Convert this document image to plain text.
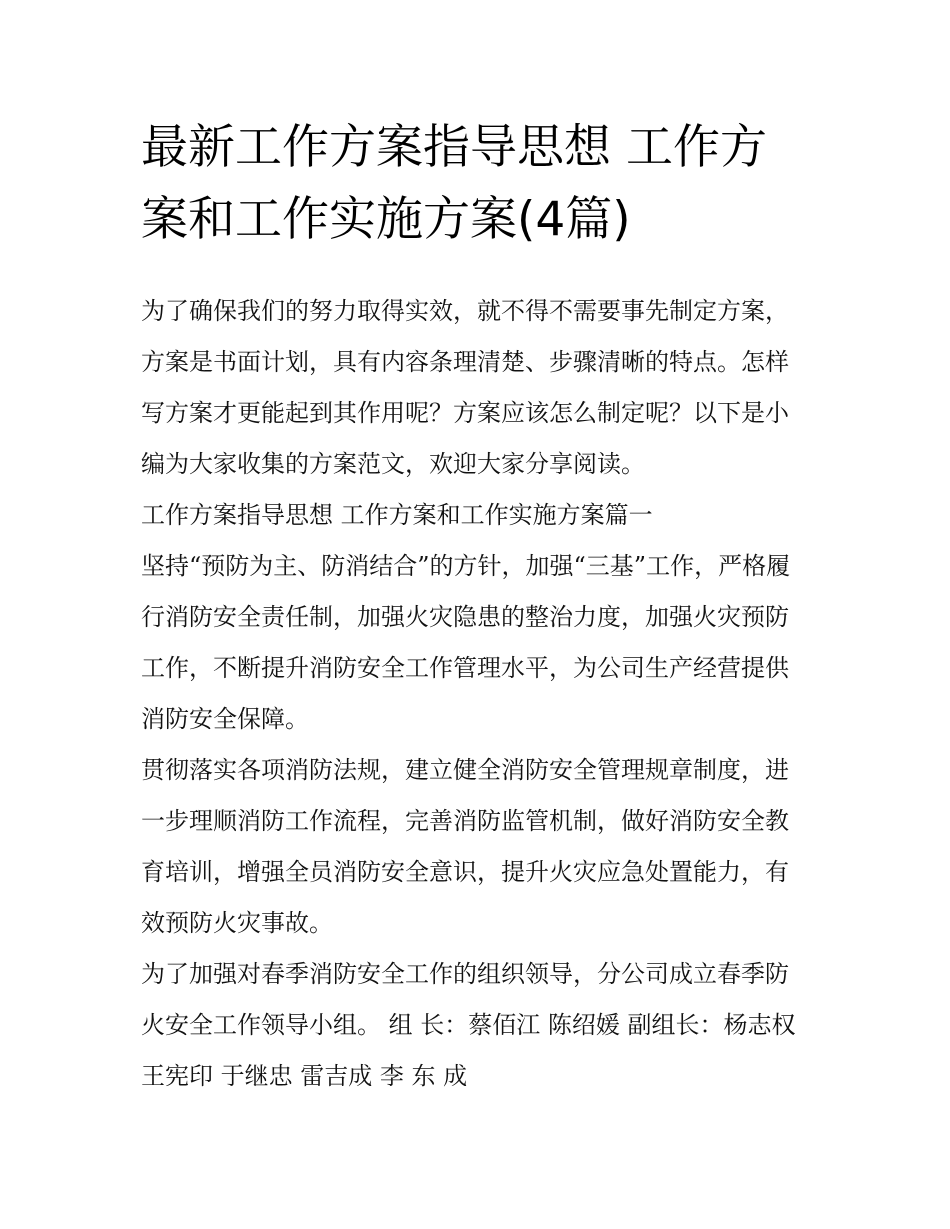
最新工作方案指导思想 工作方案和工作实施方案(4篇)

为了确保我们的努力取得实效，就不得不需要事先制定方案，方案是书面计划，具有内容条理清楚、步骤清晰的特点。怎样写方案才更能起到其作用呢？方案应该怎么制定呢？以下是小编为大家收集的方案范文，欢迎大家分享阅读。

工作方案指导思想 工作方案和工作实施方案篇一

坚持“预防为主、防消结合”的方针，加强“三基”工作，严格履行消防安全责任制，加强火灾隐患的整治力度，加强火灾预防工作，不断提升消防安全工作管理水平，为公司生产经营提供消防安全保障。

贯彻落实各项消防法规，建立健全消防安全管理规章制度，进一步理顺消防工作流程，完善消防监管机制，做好消防安全教育培训，增强全员消防安全意识，提升火灾应急处置能力，有效预防火灾事故。

为了加强对春季消防安全工作的组织领导，分公司成立春季防火安全工作领导小组。 组 长：蔡佰江 陈绍媛 副组长：杨志权 王宪印 于继忠 雷吉成 李 东 成
